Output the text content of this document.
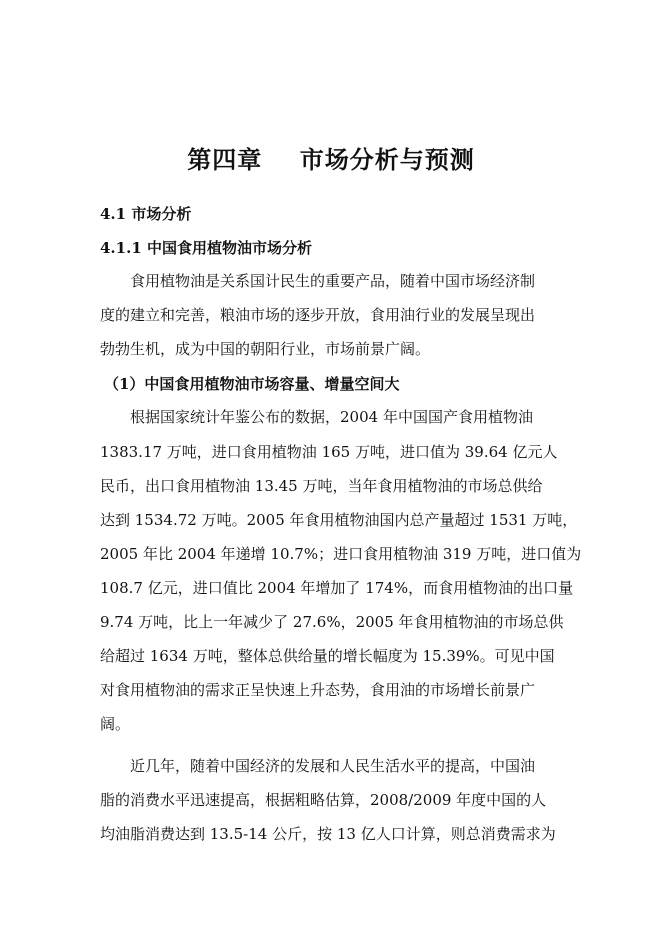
第四章    市场分析与预测
4.1 市场分析
4.1.1 中国食用植物油市场分析
食用植物油是关系国计民生的重要产品，随着中国市场经济制
度的建立和完善，粮油市场的逐步开放，食用油行业的发展呈现出
勃勃生机，成为中国的朝阳行业，市场前景广阔。
（1）中国食用植物油市场容量、增量空间大
根据国家统计年鉴公布的数据，2004 年中国国产食用植物油
1383.17 万吨，进口食用植物油 165 万吨，进口值为 39.64 亿元人
民币，出口食用植物油 13.45 万吨，当年食用植物油的市场总供给
达到 1534.72 万吨。2005 年食用植物油国内总产量超过 1531 万吨，
2005 年比 2004 年递增 10.7%；进口食用植物油 319 万吨，进口值为
108.7 亿元，进口值比 2004 年增加了 174%，而食用植物油的出口量
9.74 万吨，比上一年减少了 27.6%，2005 年食用植物油的市场总供
给超过 1634 万吨，整体总供给量的增长幅度为 15.39%。可见中国
对食用植物油的需求正呈快速上升态势，食用油的市场增长前景广
阔。
近几年，随着中国经济的发展和人民生活水平的提高，中国油
脂的消费水平迅速提高，根据粗略估算，2008/2009 年度中国的人
均油脂消费达到 13.5-14 公斤，按 13 亿人口计算，则总消费需求为
